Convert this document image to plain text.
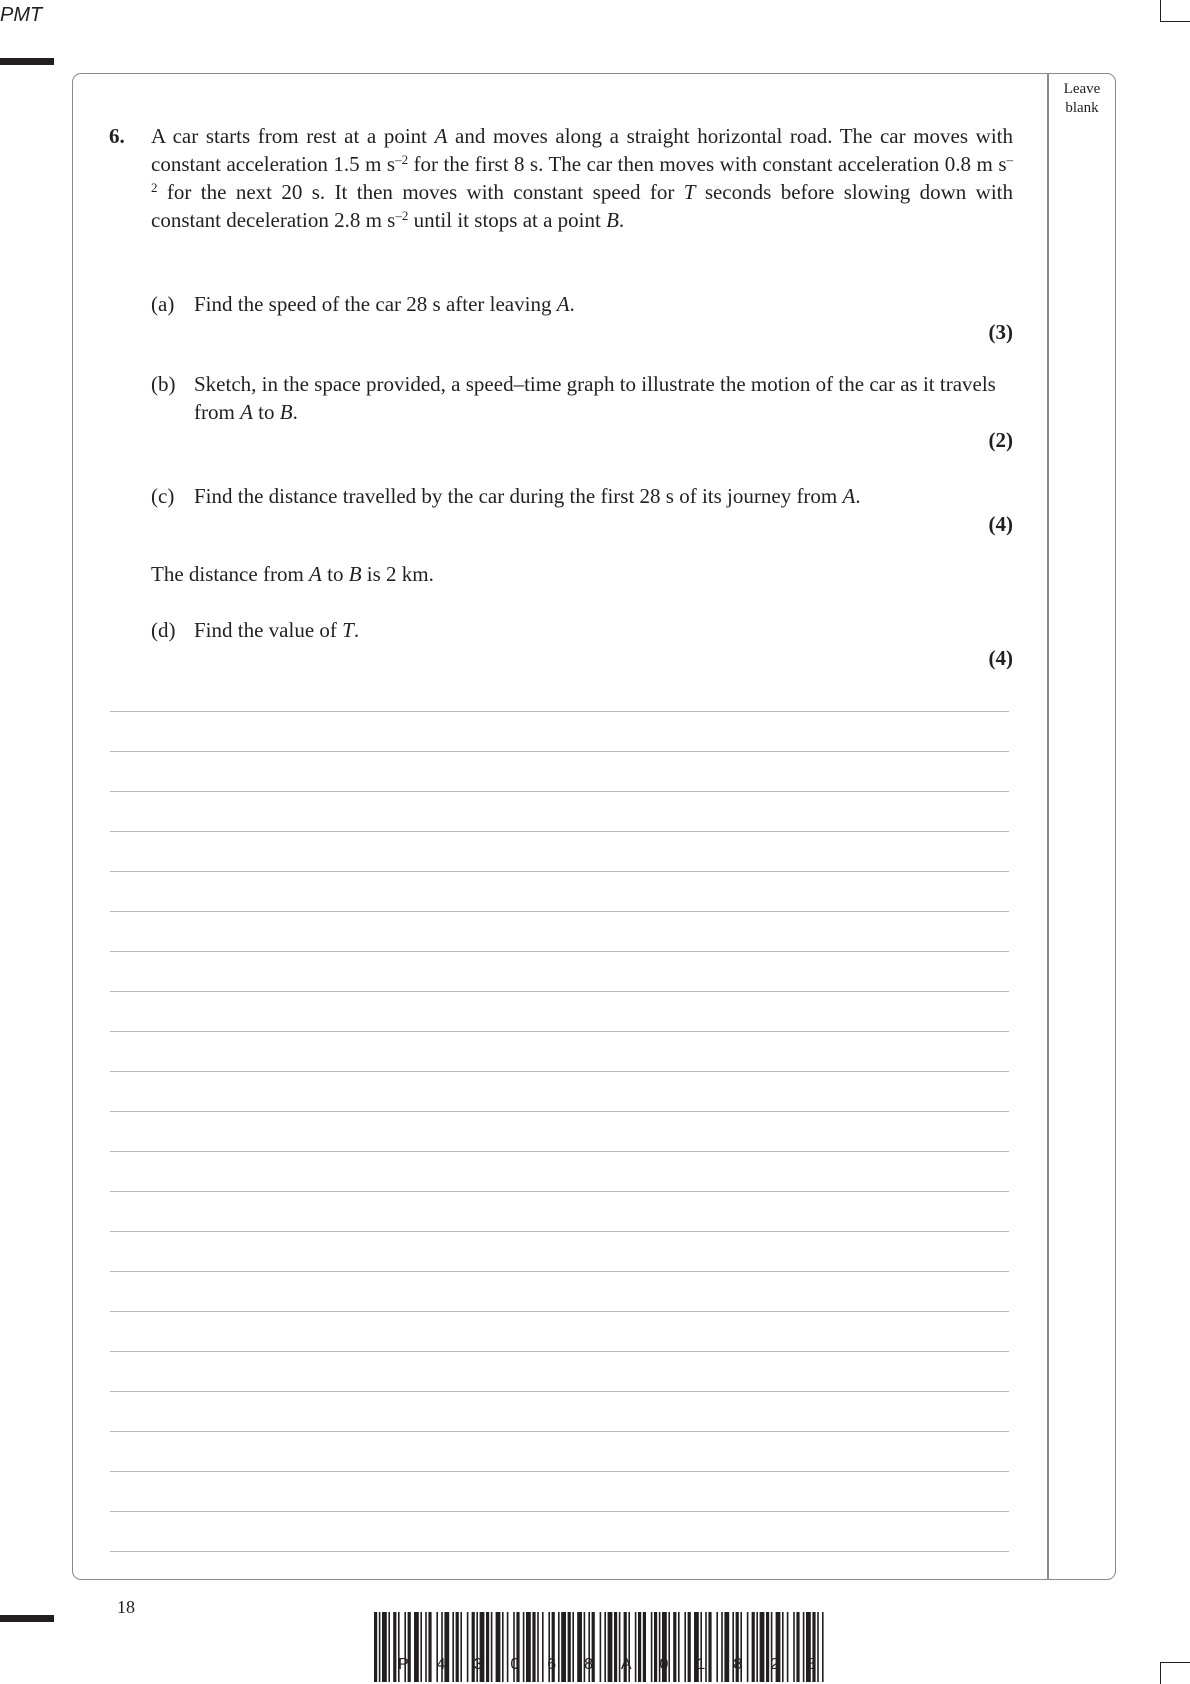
PMT
Leave blank
6. A car starts from rest at a point A and moves along a straight horizontal road. The car moves with constant acceleration 1.5 m $s^{-2}$ for the first 8 s. The car then moves with constant acceleration 0.8 m $s^{-2}$ for the next 20 s. It then moves with constant speed for T seconds before slowing down with constant deceleration 2.8 m $s^{-2}$ until it stops at a point B.
(a) Find the speed of the car 28 s after leaving A.
(3)
(b) Sketch, in the space provided, a speed–time graph to illustrate the motion of the car as it travels from A to B.
(2)
(c) Find the distance travelled by the car during the first 28 s of its journey from A.
(4)
The distance from A to B is 2 km.
(d) Find the value of T.
(4)
18
P 4 3 0 6 8 A 0 1 8 2 8
